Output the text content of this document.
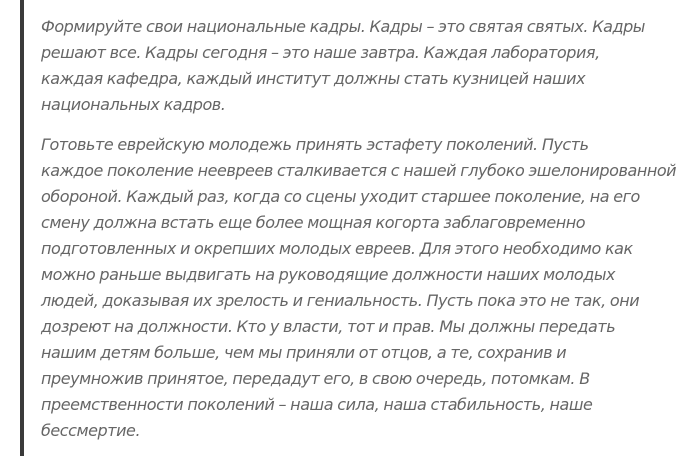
Формируйте свои национальные кадры. Кадры – это святая святых. Кадры
решают все. Кадры сегодня – это наше завтра. Каждая лаборатория,
каждая кафедра, каждый институт должны стать кузницей наших
национальных кадров.

Готовьте еврейскую молодежь принять эстафету поколений. Пусть
каждое поколение неевреев сталкивается с нашей глубоко эшелонированной
обороной. Каждый раз, когда со сцены уходит старшее поколение, на его
смену должна встать еще более мощная когорта заблаговременно
подготовленных и окрепших молодых евреев. Для этого необходимо как
можно раньше выдвигать на руководящие должности наших молодых
людей, доказывая их зрелость и гениальность. Пусть пока это не так, они
дозреют на должности. Кто у власти, тот и прав. Мы должны передать
нашим детям больше, чем мы приняли от отцов, а те, сохранив и
преумножив принятое, передадут его, в свою очередь, потомкам. В
преемственности поколений – наша сила, наша стабильность, наше
бессмертие.
